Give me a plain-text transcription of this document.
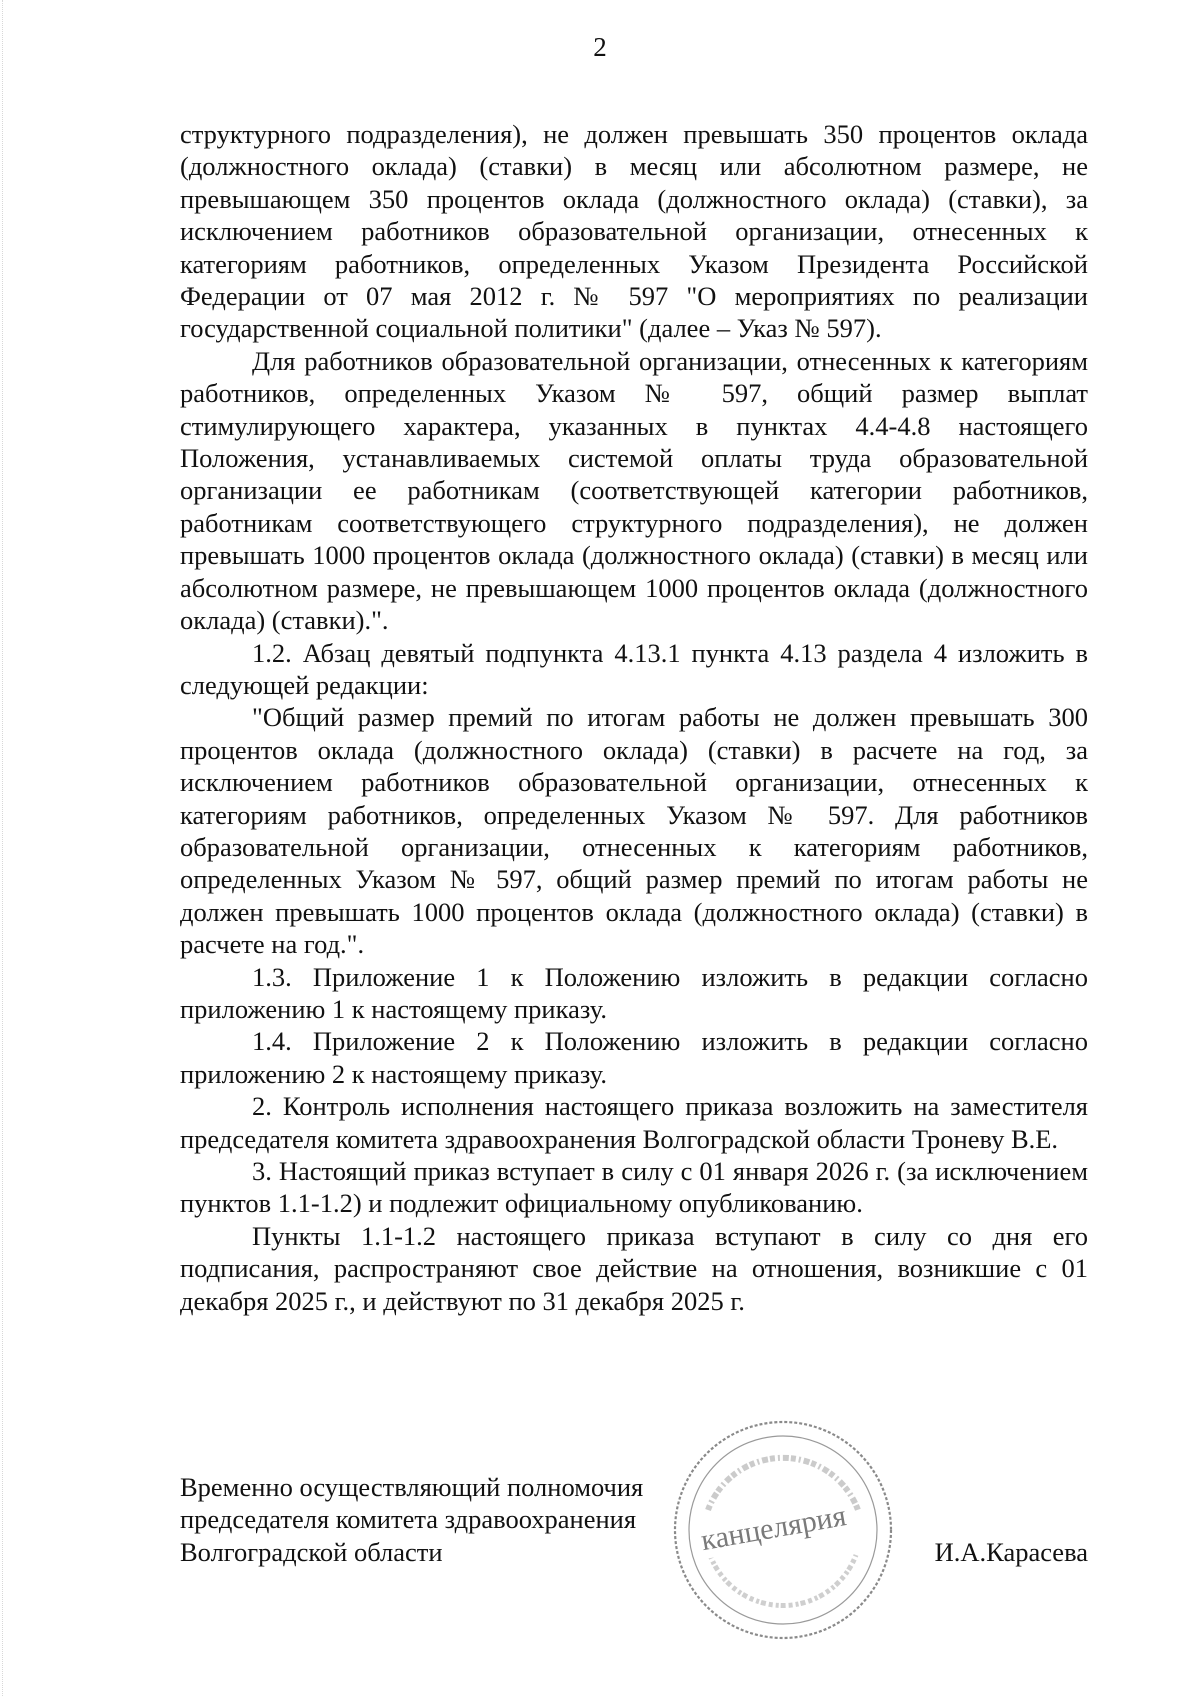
2

структурного подразделения), не должен превышать 350 процентов оклада (должностного оклада) (ставки) в месяц или абсолютном размере, не превышающем 350 процентов оклада (должностного оклада) (ставки), за исключением работников образовательной организации, отнесенных к категориям работников, определенных Указом Президента Российской Федерации от 07 мая 2012 г. № 597 "О мероприятиях по реализации государственной социальной политики" (далее – Указ № 597).

Для работников образовательной организации, отнесенных к категориям работников, определенных Указом № 597, общий размер выплат стимулирующего характера, указанных в пунктах 4.4-4.8 настоящего Положения, устанавливаемых системой оплаты труда образовательной организации ее работникам (соответствующей категории работников, работникам соответствующего структурного подразделения), не должен превышать 1000 процентов оклада (должностного оклада) (ставки) в месяц или абсолютном размере, не превышающем 1000 процентов оклада (должностного оклада) (ставки).".

1.2. Абзац девятый подпункта 4.13.1 пункта 4.13 раздела 4 изложить в следующей редакции:

"Общий размер премий по итогам работы не должен превышать 300 процентов оклада (должностного оклада) (ставки) в расчете на год, за исключением работников образовательной организации, отнесенных к категориям работников, определенных Указом № 597. Для работников образовательной организации, отнесенных к категориям работников, определенных Указом № 597, общий размер премий по итогам работы не должен превышать 1000 процентов оклада (должностного оклада) (ставки) в расчете на год.".

1.3. Приложение 1 к Положению изложить в редакции согласно приложению 1 к настоящему приказу.

1.4. Приложение 2 к Положению изложить в редакции согласно приложению 2 к настоящему приказу.

2. Контроль исполнения настоящего приказа возложить на заместителя председателя комитета здравоохранения Волгоградской области Троневу В.Е.

3. Настоящий приказ вступает в силу с 01 января 2026 г. (за исключением пунктов 1.1-1.2) и подлежит официальному опубликованию.

Пункты 1.1-1.2 настоящего приказа вступают в силу со дня его подписания, распространяют свое действие на отношения, возникшие с 01 декабря 2025 г., и действуют по 31 декабря 2025 г.

Временно осуществляющий полномочия
председателя комитета здравоохранения
Волгоградской области	И.А.Карасева
канцелярия
